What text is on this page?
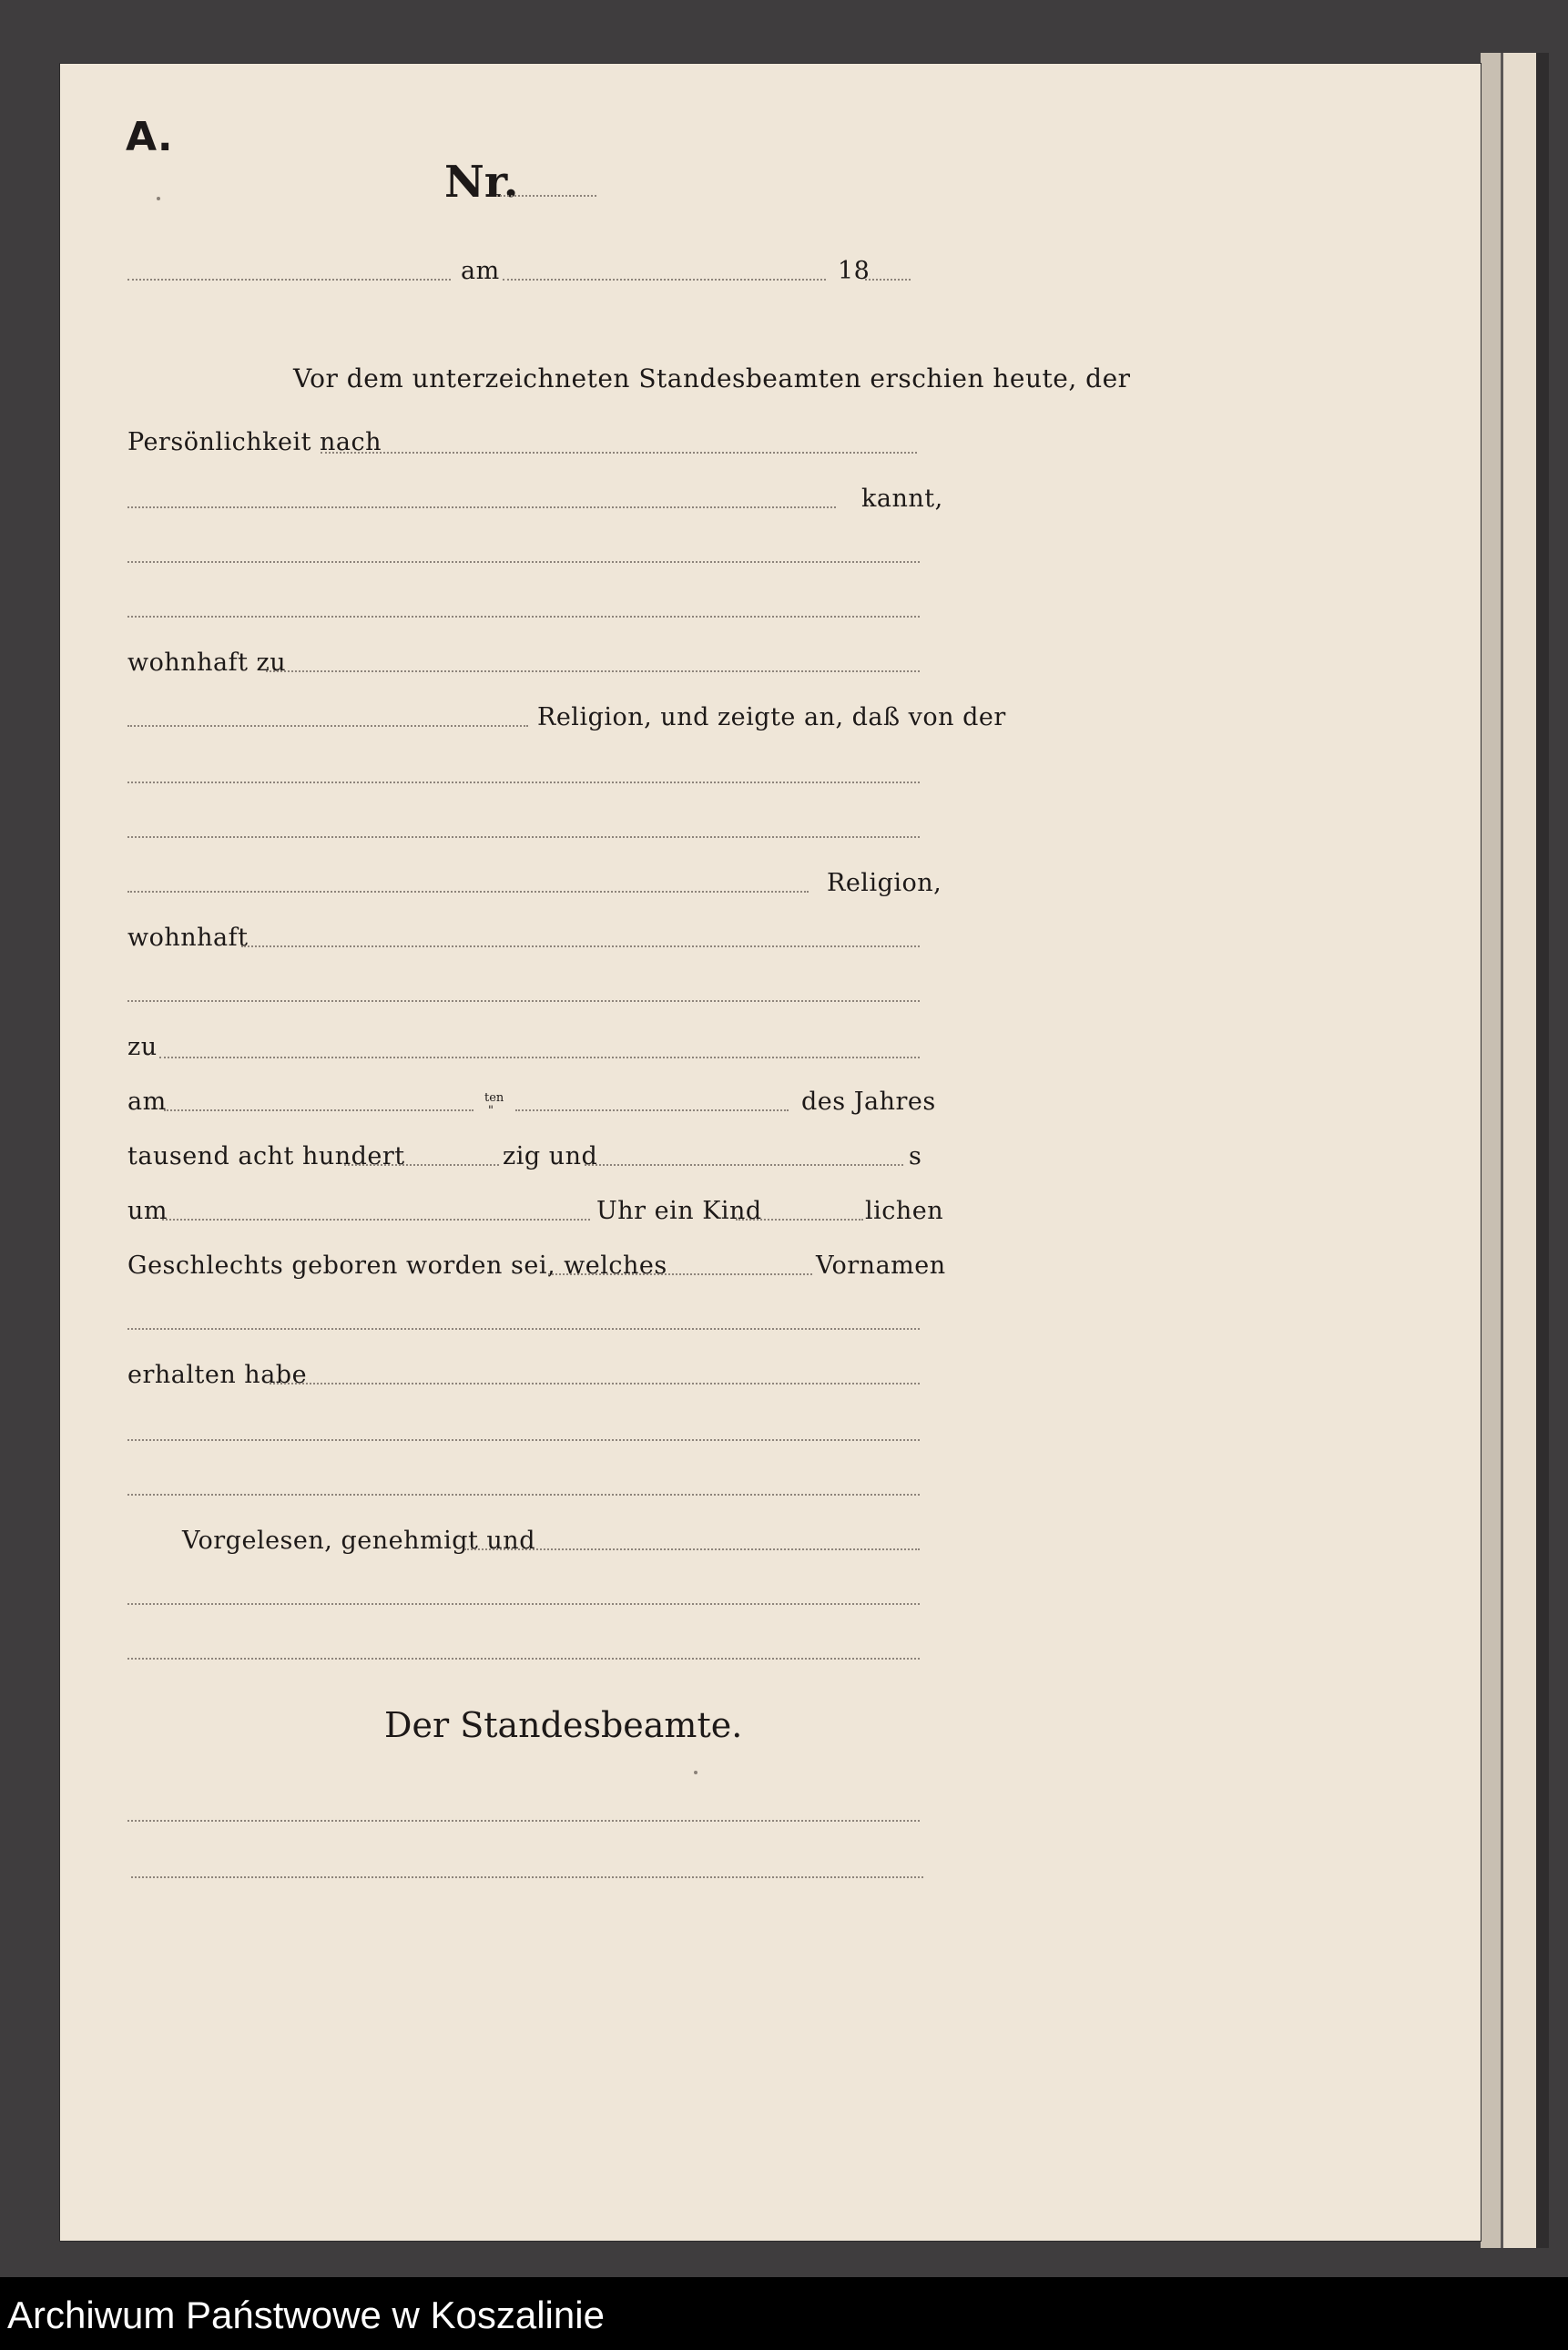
A.
Nr.
am	18
Vor dem unterzeichneten Standesbeamten erschien heute, der
Persönlichkeit nach
kannt,
wohnhaft zu
Religion, und zeigte an, daß von der
Religion,
wohnhaft
zu
am	ten
"	des Jahres
tausend acht hundert	zig und	s
um	Uhr ein Kind	lichen
Geschlechts geboren worden sei, welches	Vornamen
erhalten habe
Vorgelesen, genehmigt und
Der Standesbeamte.
Archiwum Państwowe w Koszalinie
